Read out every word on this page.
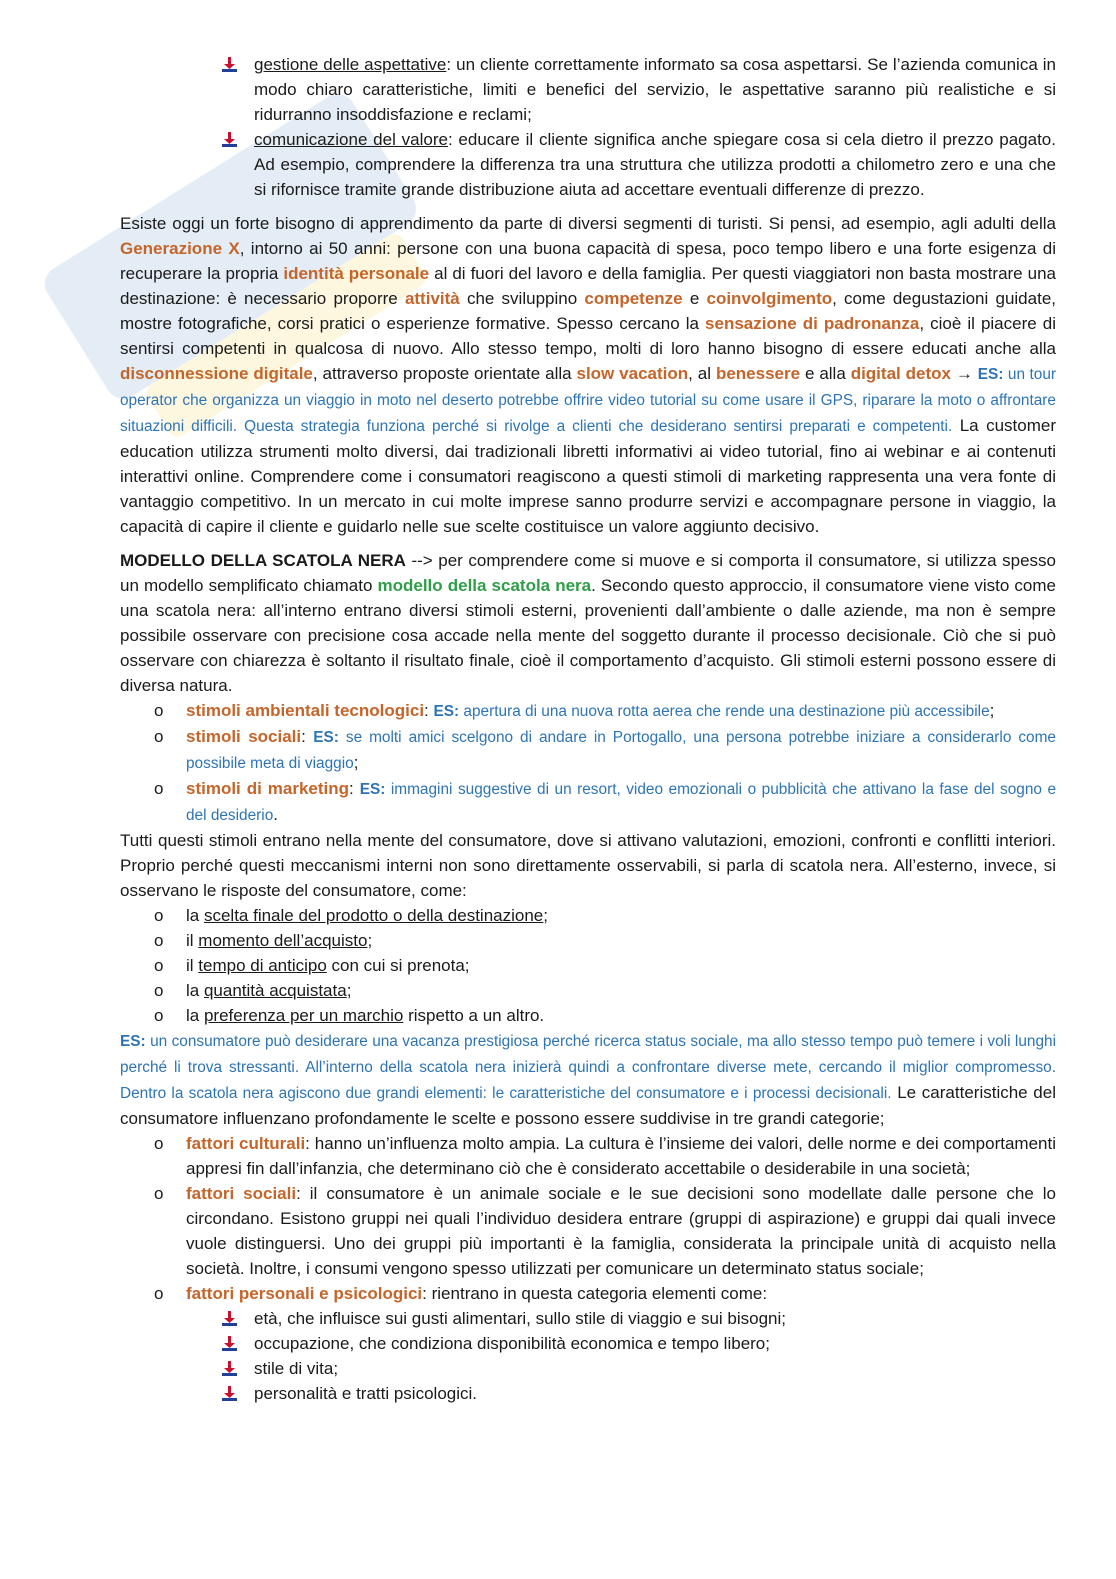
gestione delle aspettative: un cliente correttamente informato sa cosa aspettarsi. Se l’azienda comunica in modo chiaro caratteristiche, limiti e benefici del servizio, le aspettative saranno più realistiche e si ridurranno insoddisfazione e reclami;
comunicazione del valore: educare il cliente significa anche spiegare cosa si cela dietro il prezzo pagato. Ad esempio, comprendere la differenza tra una struttura che utilizza prodotti a chilometro zero e una che si rifornisce tramite grande distribuzione aiuta ad accettare eventuali differenze di prezzo.

Esiste oggi un forte bisogno di apprendimento da parte di diversi segmenti di turisti. Si pensi, ad esempio, agli adulti della Generazione X, intorno ai 50 anni: persone con una buona capacità di spesa, poco tempo libero e una forte esigenza di recuperare la propria identità personale al di fuori del lavoro e della famiglia. Per questi viaggiatori non basta mostrare una destinazione: è necessario proporre attività che sviluppino competenze e coinvolgimento, come degustazioni guidate, mostre fotografiche, corsi pratici o esperienze formative. Spesso cercano la sensazione di padronanza, cioè il piacere di sentirsi competenti in qualcosa di nuovo. Allo stesso tempo, molti di loro hanno bisogno di essere educati anche alla disconnessione digitale, attraverso proposte orientate alla slow vacation, al benessere e alla digital detox → ES: un tour operator che organizza un viaggio in moto nel deserto potrebbe offrire video tutorial su come usare il GPS, riparare la moto o affrontare situazioni difficili. Questa strategia funziona perché si rivolge a clienti che desiderano sentirsi preparati e competenti. La customer education utilizza strumenti molto diversi, dai tradizionali libretti informativi ai video tutorial, fino ai webinar e ai contenuti interattivi online. Comprendere come i consumatori reagiscono a questi stimoli di marketing rappresenta una vera fonte di vantaggio competitivo. In un mercato in cui molte imprese sanno produrre servizi e accompagnare persone in viaggio, la capacità di capire il cliente e guidarlo nelle sue scelte costituisce un valore aggiunto decisivo.

MODELLO DELLA SCATOLA NERA --> per comprendere come si muove e si comporta il consumatore, si utilizza spesso un modello semplificato chiamato modello della scatola nera. Secondo questo approccio, il consumatore viene visto come una scatola nera: all’interno entrano diversi stimoli esterni, provenienti dall’ambiente o dalle aziende, ma non è sempre possibile osservare con precisione cosa accade nella mente del soggetto durante il processo decisionale. Ciò che si può osservare con chiarezza è soltanto il risultato finale, cioè il comportamento d’acquisto. Gli stimoli esterni possono essere di diversa natura.

o stimoli ambientali tecnologici: ES: apertura di una nuova rotta aerea che rende una destinazione più accessibile;
o stimoli sociali: ES: se molti amici scelgono di andare in Portogallo, una persona potrebbe iniziare a considerarlo come possibile meta di viaggio;
o stimoli di marketing: ES: immagini suggestive di un resort, video emozionali o pubblicità che attivano la fase del sogno e del desiderio.

Tutti questi stimoli entrano nella mente del consumatore, dove si attivano valutazioni, emozioni, confronti e conflitti interiori. Proprio perché questi meccanismi interni non sono direttamente osservabili, si parla di scatola nera. All’esterno, invece, si osservano le risposte del consumatore, come:

o la scelta finale del prodotto o della destinazione;
o il momento dell’acquisto;
o il tempo di anticipo con cui si prenota;
o la quantità acquistata;
o la preferenza per un marchio rispetto a un altro.

ES: un consumatore può desiderare una vacanza prestigiosa perché ricerca status sociale, ma allo stesso tempo può temere i voli lunghi perché li trova stressanti. All’interno della scatola nera inizierà quindi a confrontare diverse mete, cercando il miglior compromesso. Dentro la scatola nera agiscono due grandi elementi: le caratteristiche del consumatore e i processi decisionali. Le caratteristiche del consumatore influenzano profondamente le scelte e possono essere suddivise in tre grandi categorie;

o fattori culturali: hanno un’influenza molto ampia. La cultura è l’insieme dei valori, delle norme e dei comportamenti appresi fin dall’infanzia, che determinano ciò che è considerato accettabile o desiderabile in una società;
o fattori sociali: il consumatore è un animale sociale e le sue decisioni sono modellate dalle persone che lo circondano. Esistono gruppi nei quali l’individuo desidera entrare (gruppi di aspirazione) e gruppi dai quali invece vuole distinguersi. Uno dei gruppi più importanti è la famiglia, considerata la principale unità di acquisto nella società. Inoltre, i consumi vengono spesso utilizzati per comunicare un determinato status sociale;
o fattori personali e psicologici: rientrano in questa categoria elementi come:
età, che influisce sui gusti alimentari, sullo stile di viaggio e sui bisogni;
occupazione, che condiziona disponibilità economica e tempo libero;
stile di vita;
personalità e tratti psicologici.
